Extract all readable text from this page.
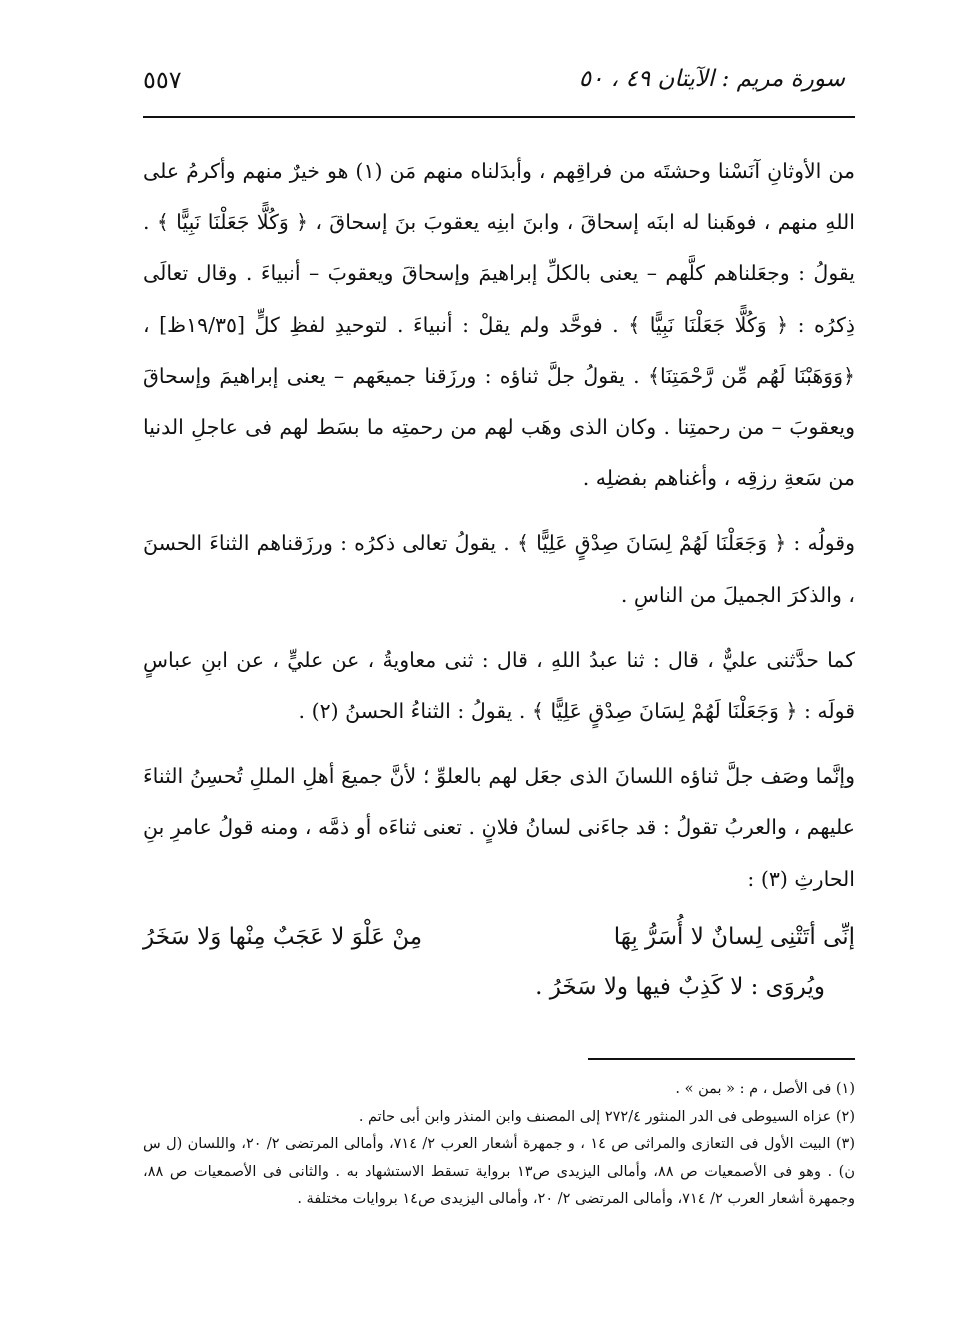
سورة مريم : الآيتان ٤٩ ، ٥٠
٥٥٧

من الأوثانِ آنَسْنا وحشتَه من فراقِهم ، وأبدَلناه منهم مَن (١) هو خيرٌ منهم وأكرمُ على اللهِ منهم ، فوهَبنا له ابنَه إسحاقَ ، وابنَ ابنِه يعقوبَ بنَ إسحاقَ ، ﴿ وَكُلًّا جَعَلْنَا نَبِيًّا ﴾ . يقولُ : وجعَلناهم كلَّهم – يعنى بالكلِّ إبراهيمَ وإسحاقَ ويعقوبَ – أنبياءَ . وقال تعالَى ذِكرُه : ﴿ وَكُلًّا جَعَلْنَا نَبِيًّا ﴾ . فوحَّد ولم يقلْ : أنبياءَ . لتوحيدِ لفظِ كلٍّ [١٩/٣٥ظ] ، ﴿وَوَهَبْنَا لَهُم مِّن رَّحْمَتِنَا﴾ . يقولُ جلَّ ثناؤه : ورزَقنا جميعَهم – يعنى إبراهيمَ وإسحاقَ ويعقوبَ – من رحمتِنا . وكان الذى وهَب لهم من رحمتِه ما بسَط لهم فى عاجلِ الدنيا من سَعةِ رزقِه ، وأغناهم بفضلِه .

وقولُه : ﴿ وَجَعَلْنَا لَهُمْ لِسَانَ صِدْقٍ عَلِيًّا ﴾ . يقولُ تعالى ذكرُه : ورزَقناهم الثناءَ الحسنَ ، والذكرَ الجميلَ من الناسِ .

كما حدَّثنى عليٌّ ، قال : ثنا عبدُ اللهِ ، قال : ثنى معاويةُ ، عن عليٍّ ، عن ابنِ عباسٍ قولَه : ﴿ وَجَعَلْنَا لَهُمْ لِسَانَ صِدْقٍ عَلِيًّا ﴾ . يقولُ : الثناءُ الحسنُ (٢) .

وإنَّما وصَف جلَّ ثناؤه اللسانَ الذى جعَل لهم بالعلوِّ ؛ لأنَّ جميعَ أهلِ المللِ تُحسِنُ الثناءَ عليهم ، والعربُ تقولُ : قد جاءَنى لسانُ فلانٍ . تعنى ثناءَه أو ذمَّه ، ومنه قولُ عامرِ بنِ الحارثِ (٣) :

إنِّى أتَتْنِى لِسانٌ لا أُسَرُّ بِهَا
مِنْ عَلْوَ لا عَجَبٌ مِنْها وَلا سَخَرُ
ويُروَى : لا كَذِبٌ فيها ولا سَخَرُ .

(١) فى الأصل ، م : « بمن » .

(٢) عزاه السيوطى فى الدر المنثور ٢٧٢/٤ إلى المصنف وابن المنذر وابن أبى حاتم .

(٣) البيت الأول فى التعازى والمراثى ص ١٤ ، و جمهرة أشعار العرب ٢/ ٧١٤، وأمالى المرتضى ٢/ ٢٠، واللسان (ل س ن) . وهو فى الأصمعيات ص ٨٨، وأمالى اليزيدى ص١٣ برواية تسقط الاستشهاد به . والثانى فى الأصمعيات ص ٨٨، وجمهرة أشعار العرب ٢/ ٧١٤، وأمالى المرتضى ٢/ ٢٠، وأمالى اليزيدى ص١٤ بروايات مختلفة .
